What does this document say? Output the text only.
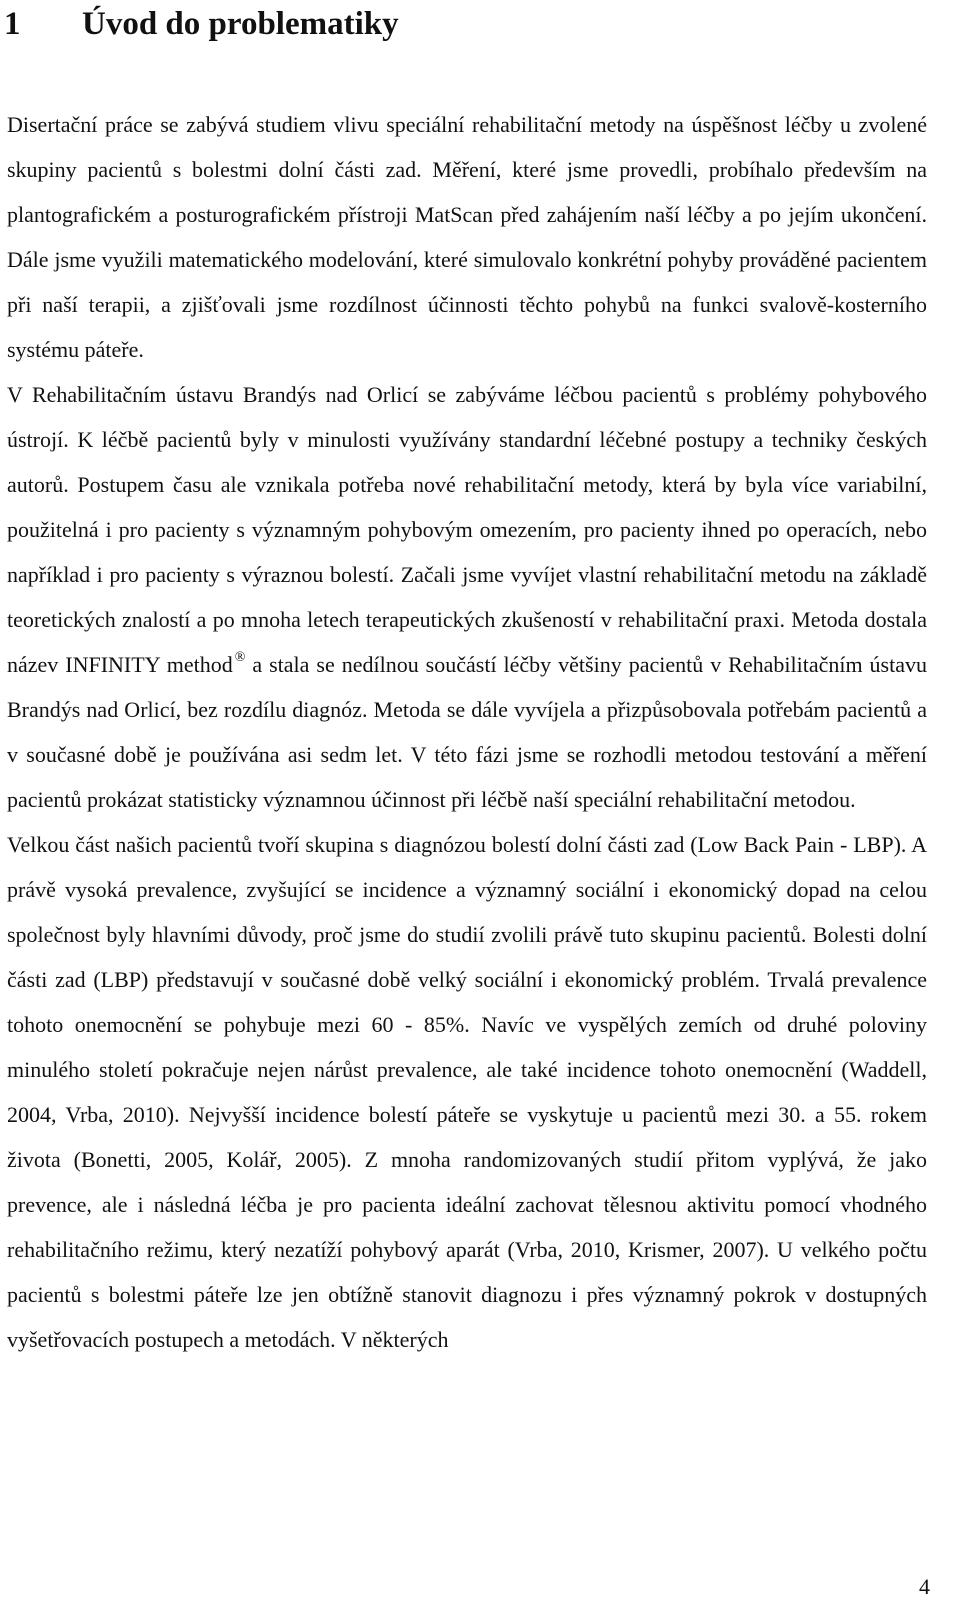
1 Úvod do problematiky

Disertační práce se zabývá studiem vlivu speciální rehabilitační metody na úspěšnost léčby u zvolené skupiny pacientů s bolestmi dolní části zad. Měření, které jsme provedli, probíhalo především na plantografickém a posturografickém přístroji MatScan před zahájením naší léčby a po jejím ukončení. Dále jsme využili matematického modelování, které simulovalo konkrétní pohyby prováděné pacientem při naší terapii, a zjišťovali jsme rozdílnost účinnosti těchto pohybů na funkci svalově-kosterního systému páteře.

V Rehabilitačním ústavu Brandýs nad Orlicí se zabýváme léčbou pacientů s problémy pohybového ústrojí. K léčbě pacientů byly v minulosti využívány standardní léčebné postupy a techniky českých autorů. Postupem času ale vznikala potřeba nové rehabilitační metody, která by byla více variabilní, použitelná i pro pacienty s významným pohybovým omezením, pro pacienty ihned po operacích, nebo například i pro pacienty s výraznou bolestí. Začali jsme vyvíjet vlastní rehabilitační metodu na základě teoretických znalostí a po mnoha letech terapeutických zkušeností v rehabilitační praxi. Metoda dostala název INFINITY method ® a stala se nedílnou součástí léčby většiny pacientů v Rehabilitačním ústavu Brandýs nad Orlicí, bez rozdílu diagnóz. Metoda se dále vyvíjela a přizpůsobovala potřebám pacientů a v současné době je používána asi sedm let. V této fázi jsme se rozhodli metodou testování a měření pacientů prokázat statisticky významnou účinnost při léčbě naší speciální rehabilitační metodou.

Velkou část našich pacientů tvoří skupina s diagnózou bolestí dolní části zad (Low Back Pain - LBP). A právě vysoká prevalence, zvyšující se incidence a významný sociální i ekonomický dopad na celou společnost byly hlavními důvody, proč jsme do studií zvolili právě tuto skupinu pacientů. Bolesti dolní části zad (LBP) představují v současné době velký sociální i ekonomický problém. Trvalá prevalence tohoto onemocnění se pohybuje mezi 60 - 85%. Navíc ve vyspělých zemích od druhé poloviny minulého století pokračuje nejen nárůst prevalence, ale také incidence tohoto onemocnění (Waddell, 2004, Vrba, 2010). Nejvyšší incidence bolestí páteře se vyskytuje u pacientů mezi 30. a 55. rokem života (Bonetti, 2005, Kolář, 2005). Z mnoha randomizovaných studií přitom vyplývá, že jako prevence, ale i následná léčba je pro pacienta ideální zachovat tělesnou aktivitu pomocí vhodného rehabilitačního režimu, který nezatíží pohybový aparát (Vrba, 2010, Krismer, 2007). U velkého počtu pacientů s bolestmi páteře lze jen obtížně stanovit diagnozu i přes významný pokrok v dostupných vyšetřovacích postupech a metodách. V některých

4
